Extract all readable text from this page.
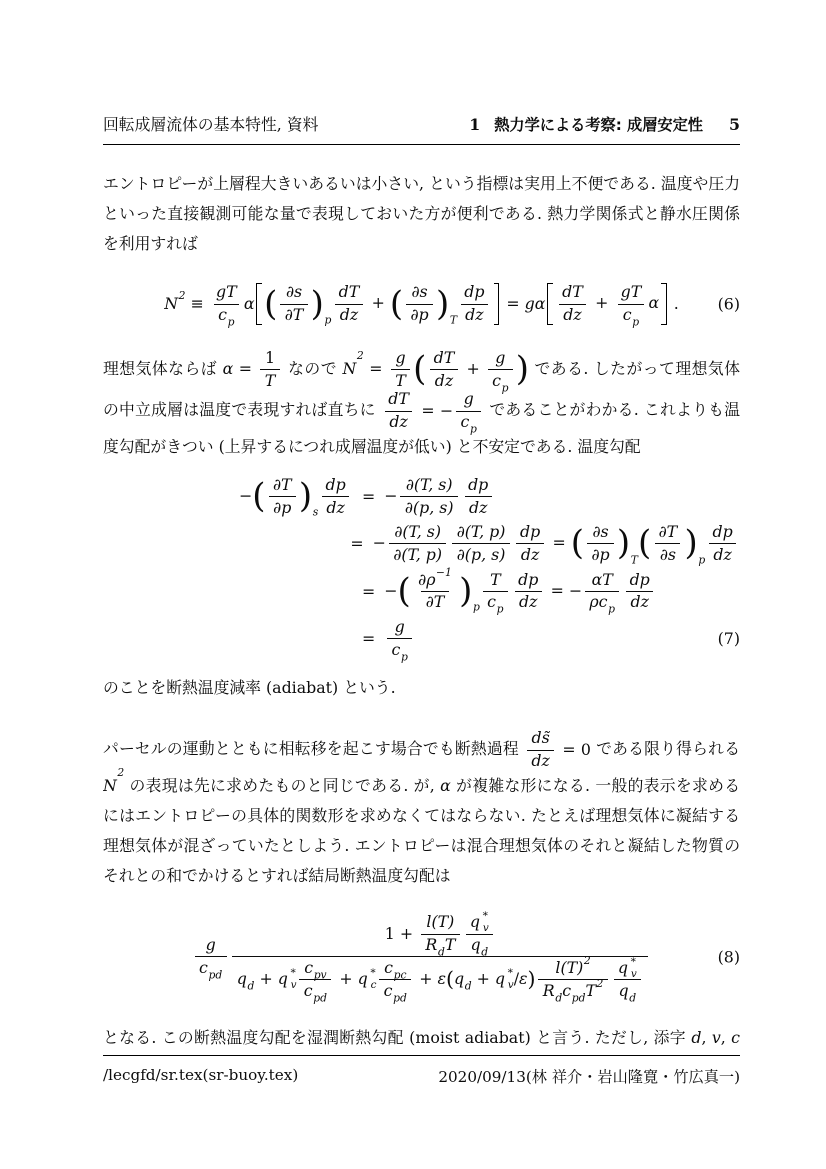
回転成層流体の基本特性, 資料	1 熱力学による考察: 成層安定性 5

エントロピーが上層程大きいあるいは小さい, という指標は実用上不便である. 温度や圧力といった直接観測可能な量で表現しておいた方が便利である. 熱力学関係式と静水圧関係を利用すれば

N $2 \equiv \frac{gT}{\text{c p}}$ α ( ∂s
∂T ) p $\frac{dT}{dz}$ + ( ∂s
∂p ) T $\frac{dp}{dz} = g\alpha \frac{dT}{dz} + \frac{gT}{\text{c p}}$ α . (6)

理想気体ならば $\alpha = \frac{1}{T}$ なので N
2
= $\frac{g}{T}$ ( $\frac{dT}{dz} + \frac{g}{\text{c p}}$ ) である. したがって理想気体の中立成層は温度で表現すれば直ちに $\frac{dT}{dz}$ = − $\frac{g}{\text{c p}}$ であることがわかる. これよりも温度勾配がきつい (上昇するにつれ成層温度が低い) と不安定である. 温度勾配

− ( ∂T
∂p ) s $\frac{dp}{dz}$ = − $\frac{\partial(T, s)}{\partial(p, s)} \frac{dp}{dz}$
= − $\frac{\partial(T, s)}{\partial(T, p)} \frac{\partial(T, p)}{\partial(p, s)} \frac{dp}{dz}$ = ( ∂s
∂p ) T ( ∂T
∂s ) p $\frac{dp}{dz}$
= − ( ∂ρ −1
∂T ) p $\frac{T}{\text{c p}} \frac{dp}{dz}$ = −
αT
ρ c p $\frac{dp}{dz}$
= $\frac{g}{\text{c p}}$	(7)

のことを断熱温度減率 (adiabat) という.

パーセルの運動とともに相転移を起こす場合でも断熱過程 $\frac{ds̃}{dz} = 0$ である限り得られる
N
2
の表現は先に求めたものと同じである. が, α が複雑な形になる. 一般的表示を求めるにはエントロピーの具体的関数形を求めなくてはならない. たとえば理想気体に凝結する理想気体が混ざっていたとしよう. エントロピーは混合理想気体のそれと凝結した物質のそれとの和でかけるとすれば結局断熱温度勾配は

g
c pd
1 +
l(T)
R d T q ∗
v
q d
q d + q ∗
v
c pv
c pd
+ q ∗
c
c pc
c pd
+ ε ( q d + q ∗
v /ε ) l(T) 2
R d c pd T 2 q ∗
v
q d
(8)

となる. この断熱温度勾配を湿潤断熱勾配 (moist adiabat) と言う. ただし, 添字 d, v, c

/lecgfd/sr.tex(sr-buoy.tex)	2020/09/13(林 祥介・岩山隆寛・竹広真一)
